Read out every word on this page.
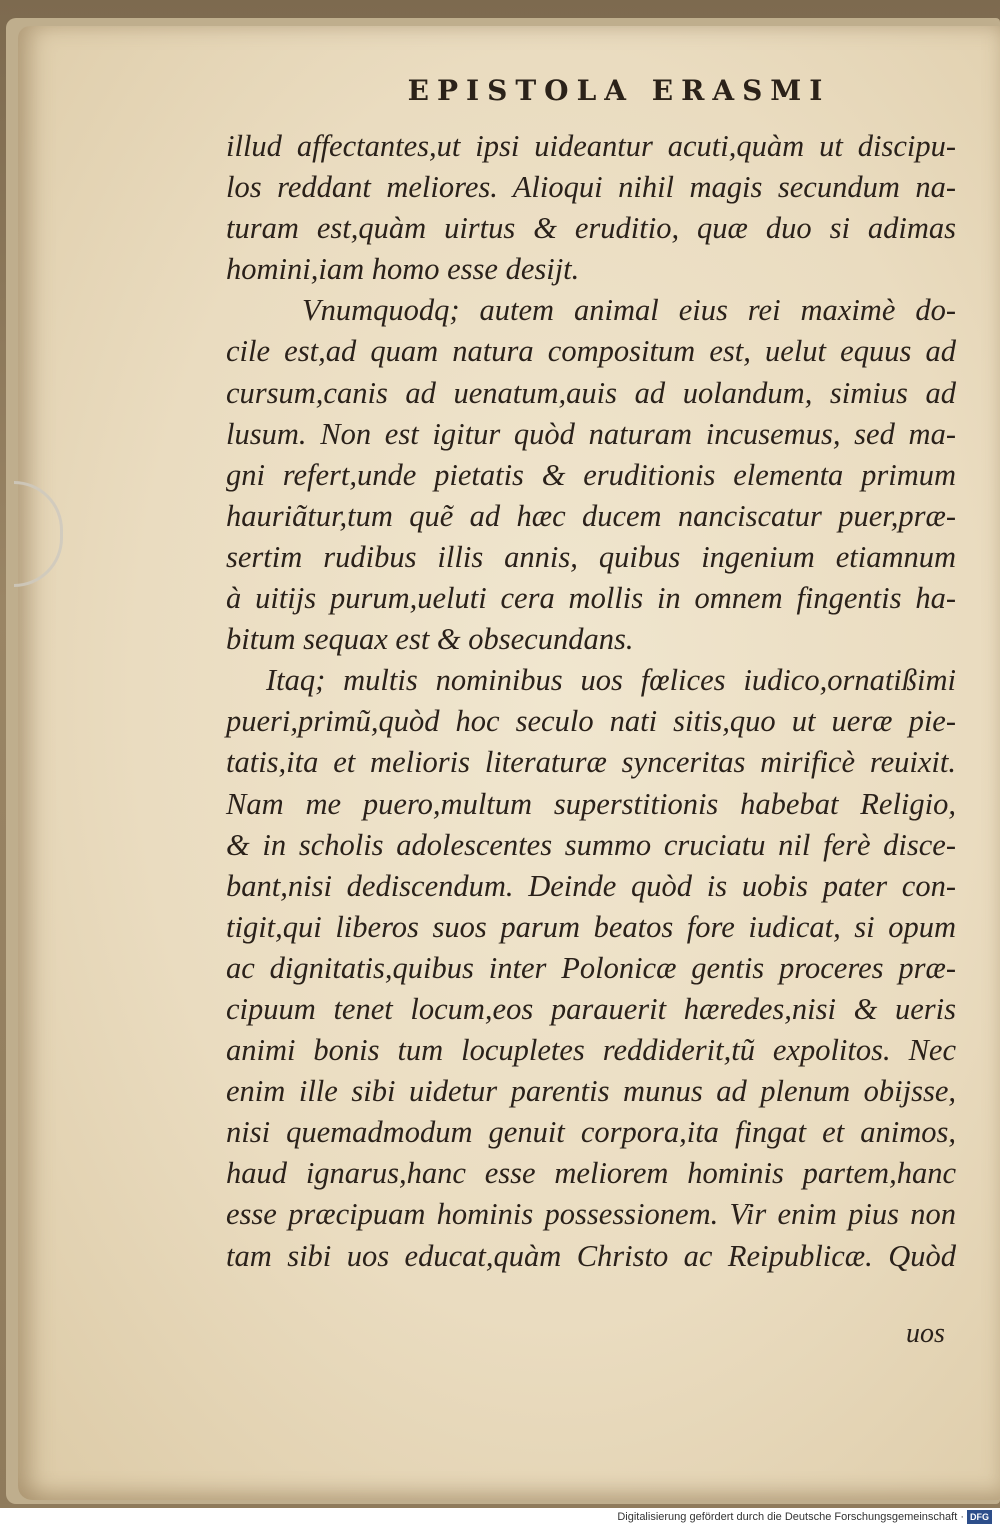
EPISTOLA ERASMI
illud affectantes,ut ipsi uideantur acuti,quàm ut discipu-
los reddant meliores. Alioqui nihil magis secundum na-
turam est,quàm uirtus & eruditio, quæ duo si adimas
homini,iam homo esse desijt.
Vnumquodq; autem animal eius rei maximè do-
cile est,ad quam natura compositum est, uelut equus ad
cursum,canis ad uenatum,auis ad uolandum, simius ad
lusum. Non est igitur quòd naturam incusemus, sed ma-
gni refert,unde pietatis & eruditionis elementa primum
hauriãtur,tum quẽ ad hæc ducem nanciscatur puer,præ-
sertim rudibus illis annis, quibus ingenium etiamnum
à uitijs purum,ueluti cera mollis in omnem fingentis ha-
bitum sequax est & obsecundans.
Itaq; multis nominibus uos fœlices iudico,ornatißimi
pueri,primũ,quòd hoc seculo nati sitis,quo ut ueræ pie-
tatis,ita et melioris literaturæ synceritas mirificè reuixit.
Nam me puero,multum superstitionis habebat Religio,
& in scholis adolescentes summo cruciatu nil ferè disce-
bant,nisi dediscendum. Deinde quòd is uobis pater con-
tigit,qui liberos suos parum beatos fore iudicat, si opum
ac dignitatis,quibus inter Polonicæ gentis proceres præ-
cipuum tenet locum,eos parauerit hæredes,nisi & ueris
animi bonis tum locupletes reddiderit,tũ expolitos. Nec
enim ille sibi uidetur parentis munus ad plenum obijsse,
nisi quemadmodum genuit corpora,ita fingat et animos,
haud ignarus,hanc esse meliorem hominis partem,hanc
esse præcipuam hominis possessionem. Vir enim pius non
tam sibi uos educat,quàm Christo ac Reipublicæ. Quòd
uos
Digitalisierung gefördert durch die Deutsche Forschungsgemeinschaft · DFG
